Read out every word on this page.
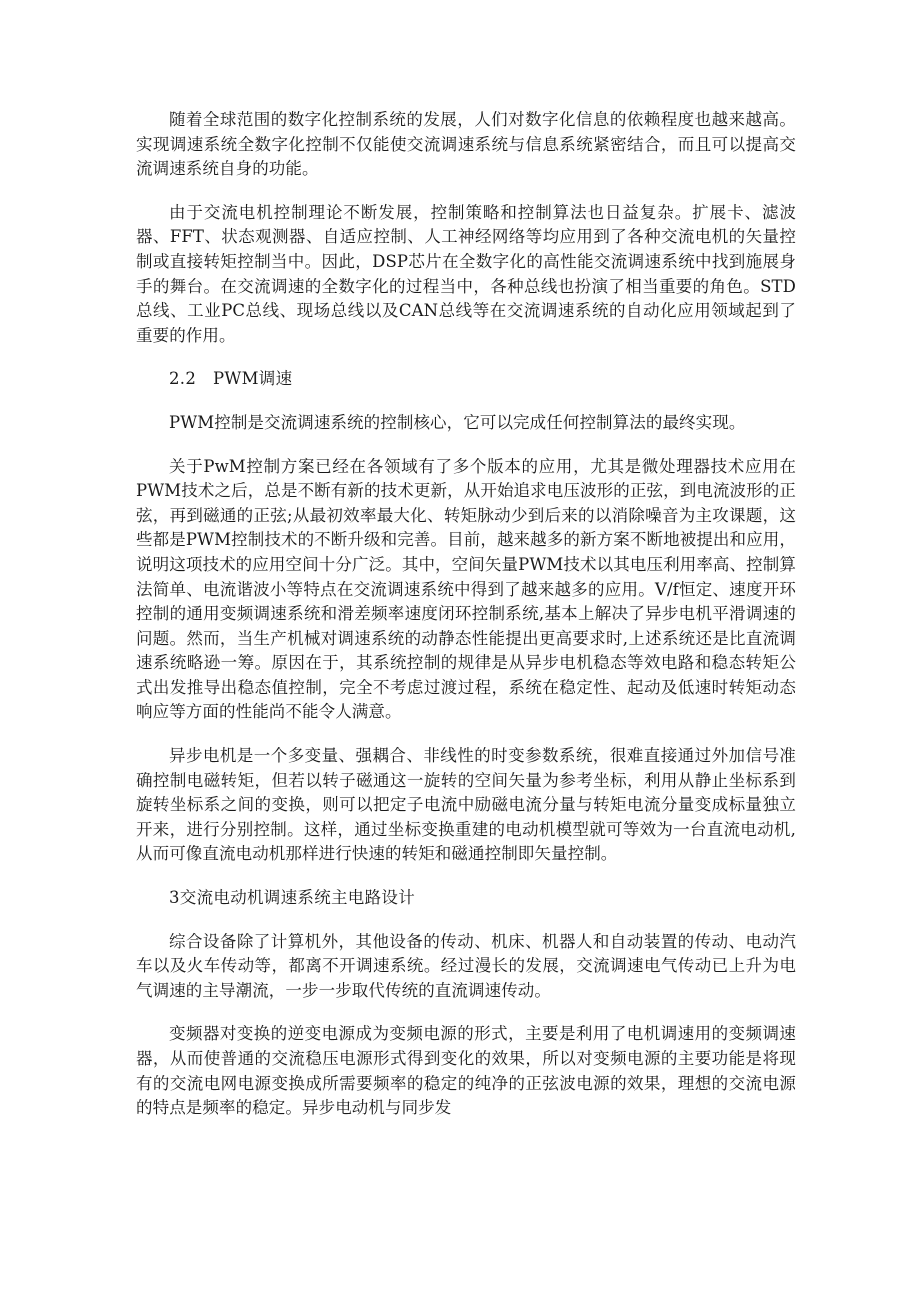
随着全球范围的数字化控制系统的发展，人们对数字化信息的依赖程度也越来越高。实现调速系统全数字化控制不仅能使交流调速系统与信息系统紧密结合，而且可以提高交流调速系统自身的功能。

由于交流电机控制理论不断发展，控制策略和控制算法也日益复杂。扩展卡、滤波器、FFT、状态观测器、自适应控制、人工神经网络等均应用到了各种交流电机的矢量控制或直接转矩控制当中。因此，DSP芯片在全数字化的高性能交流调速系统中找到施展身手的舞台。在交流调速的全数字化的过程当中，各种总线也扮演了相当重要的角色。STD总线、工业PC总线、现场总线以及CAN总线等在交流调速系统的自动化应用领域起到了重要的作用。

2.2　PWM调速

PWM控制是交流调速系统的控制核心，它可以完成任何控制算法的最终实现。

关于PwM控制方案已经在各领域有了多个版本的应用，尤其是微处理器技术应用在PWM技术之后，总是不断有新的技术更新，从开始追求电压波形的正弦，到电流波形的正弦，再到磁通的正弦;从最初效率最大化、转矩脉动少到后来的以消除噪音为主攻课题，这些都是PWM控制技术的不断升级和完善。目前，越来越多的新方案不断地被提出和应用，说明这项技术的应用空间十分广泛。其中，空间矢量PWM技术以其电压利用率高、控制算法简单、电流谐波小等特点在交流调速系统中得到了越来越多的应用。V/f恒定、速度开环控制的通用变频调速系统和滑差频率速度闭环控制系统,基本上解决了异步电机平滑调速的问题。然而，当生产机械对调速系统的动静态性能提出更高要求时,上述系统还是比直流调速系统略逊一筹。原因在于，其系统控制的规律是从异步电机稳态等效电路和稳态转矩公式出发推导出稳态值控制，完全不考虑过渡过程，系统在稳定性、起动及低速时转矩动态响应等方面的性能尚不能令人满意。

异步电机是一个多变量、强耦合、非线性的时变参数系统，很难直接通过外加信号准确控制电磁转矩，但若以转子磁通这一旋转的空间矢量为参考坐标，利用从静止坐标系到旋转坐标系之间的变换，则可以把定子电流中励磁电流分量与转矩电流分量变成标量独立开来，进行分别控制。这样，通过坐标变换重建的电动机模型就可等效为一台直流电动机,从而可像直流电动机那样进行快速的转矩和磁通控制即矢量控制。

3交流电动机调速系统主电路设计

综合设备除了计算机外，其他设备的传动、机床、机器人和自动装置的传动、电动汽车以及火车传动等，都离不开调速系统。经过漫长的发展，交流调速电气传动已上升为电气调速的主导潮流，一步一步取代传统的直流调速传动。

变频器对变换的逆变电源成为变频电源的形式，主要是利用了电机调速用的变频调速器，从而使普通的交流稳压电源形式得到变化的效果，所以对变频电源的主要功能是将现有的交流电网电源变换成所需要频率的稳定的纯净的正弦波电源的效果，理想的交流电源的特点是频率的稳定。异步电动机与同步发
